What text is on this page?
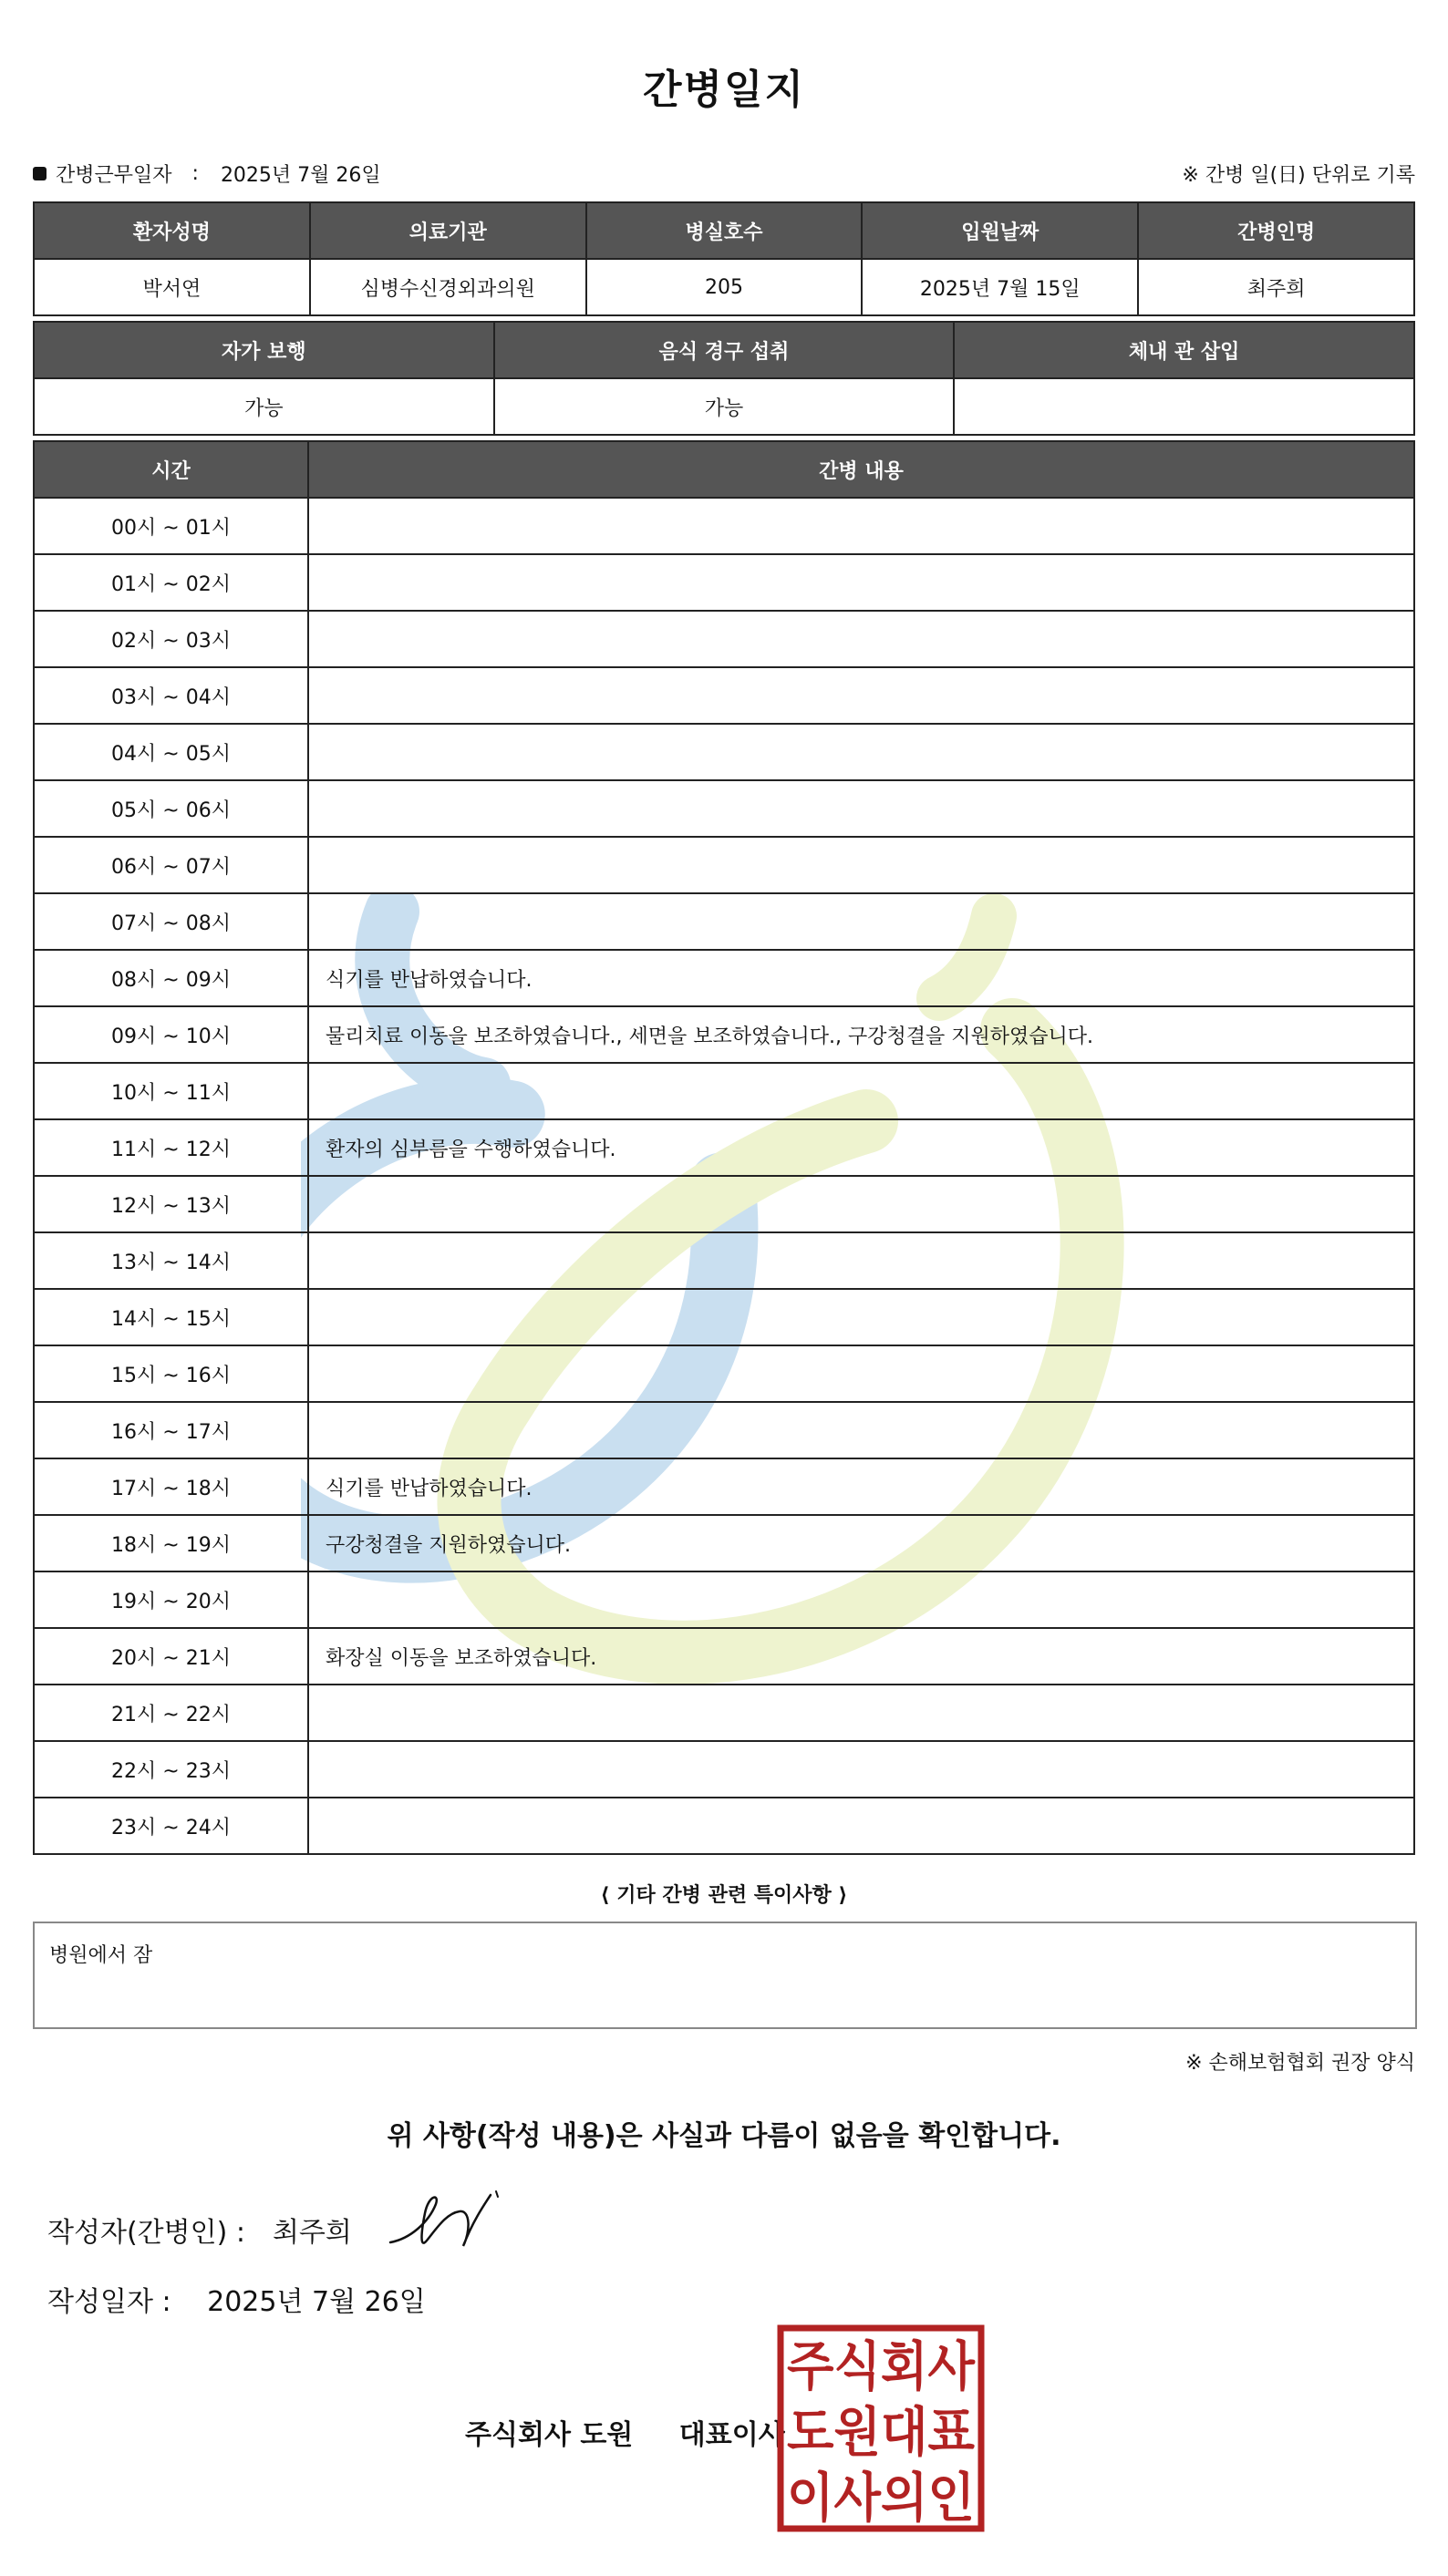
간병일지
간병근무일자 : 2025년 7월 26일	※ 간병 일(日) 단위로 기록
환자성명	의료기관	병실호수	입원날짜	간병인명
박서연	심병수신경외과의원	205	2025년 7월 15일	최주희
자가 보행	음식 경구 섭취	체내 관 삽입
가능	가능	
시간	간병 내용
00시 ~ 01시	
01시 ~ 02시	
02시 ~ 03시	
03시 ~ 04시	
04시 ~ 05시	
05시 ~ 06시	
06시 ~ 07시	
07시 ~ 08시	
08시 ~ 09시	식기를 반납하였습니다.
09시 ~ 10시	물리치료 이동을 보조하였습니다., 세면을 보조하였습니다., 구강청결을 지원하였습니다.
10시 ~ 11시	
11시 ~ 12시	환자의 심부름을 수행하였습니다.
12시 ~ 13시	
13시 ~ 14시	
14시 ~ 15시	
15시 ~ 16시	
16시 ~ 17시	
17시 ~ 18시	식기를 반납하였습니다.
18시 ~ 19시	구강청결을 지원하였습니다.
19시 ~ 20시	
20시 ~ 21시	화장실 이동을 보조하였습니다.
21시 ~ 22시	
22시 ~ 23시	
23시 ~ 24시	
⟨ 기타 간병 관련 특이사항 ⟩
병원에서 잠
※ 손해보험협회 권장 양식
위 사항(작성 내용)은 사실과 다름이 없음을 확인합니다.
작성자(간병인) : 최주희
작성일자 : 2025년 7월 26일
주식회사 도원 대표이사
주식회사
도원대표
이사의인
